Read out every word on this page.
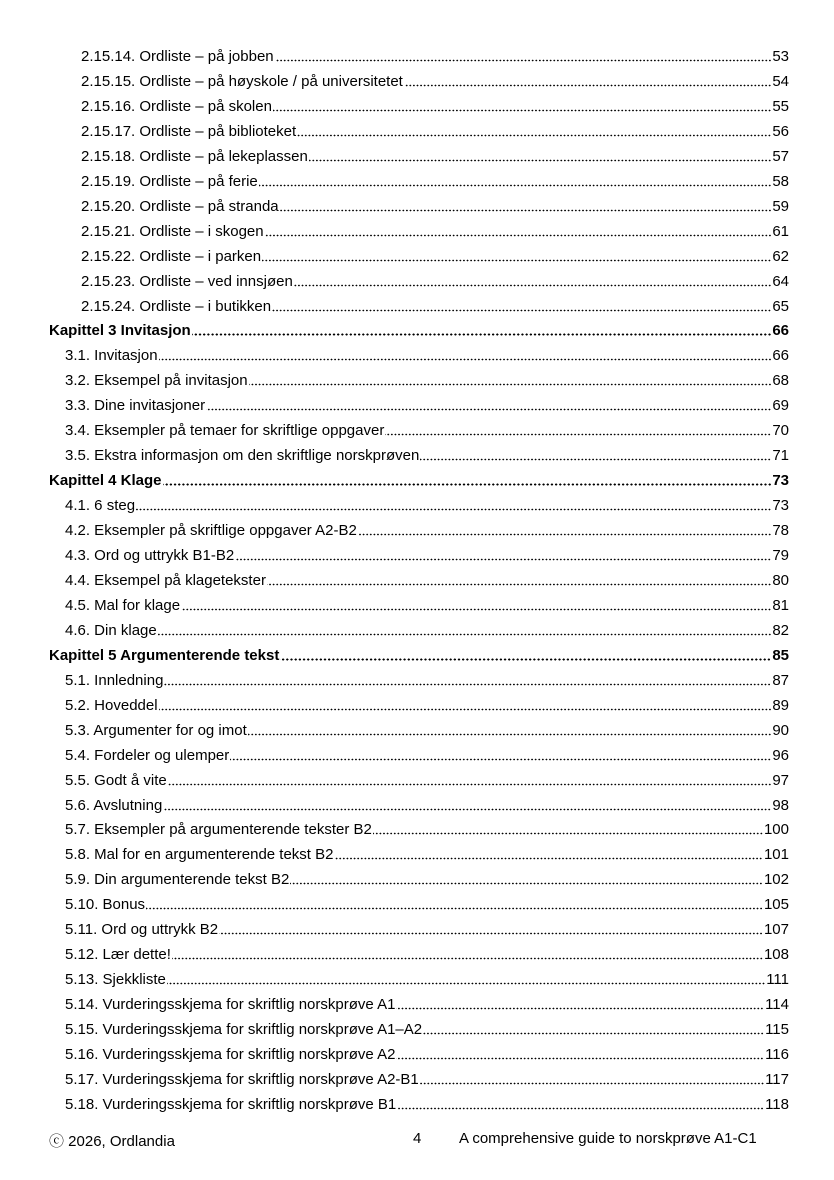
2.15.14. Ordliste – på jobben	53
2.15.15. Ordliste – på høyskole / på universitetet	54
2.15.16. Ordliste – på skolen	55
2.15.17. Ordliste – på biblioteket	56
2.15.18. Ordliste – på lekeplassen	57
2.15.19. Ordliste – på ferie	58
2.15.20. Ordliste – på stranda	59
2.15.21. Ordliste – i skogen	61
2.15.22. Ordliste – i parken	62
2.15.23. Ordliste – ved innsjøen	64
2.15.24. Ordliste – i butikken	65
Kapittel 3 Invitasjon	66
3.1. Invitasjon	66
3.2. Eksempel på invitasjon	68
3.3. Dine invitasjoner	69
3.4. Eksempler på temaer for skriftlige oppgaver	70
3.5. Ekstra informasjon om den skriftlige norskprøven	71
Kapittel 4 Klage	73
4.1. 6 steg	73
4.2. Eksempler på skriftlige oppgaver A2-B2	78
4.3. Ord og uttrykk B1-B2	79
4.4. Eksempel på klagetekster	80
4.5. Mal for klage	81
4.6. Din klage	82
Kapittel 5 Argumenterende tekst	85
5.1. Innledning	87
5.2. Hoveddel	89
5.3. Argumenter for og imot	90
5.4. Fordeler og ulemper	96
5.5. Godt å vite	97
5.6. Avslutning	98
5.7. Eksempler på argumenterende tekster B2	100
5.8. Mal for en argumenterende tekst B2	101
5.9. Din argumenterende tekst B2	102
5.10. Bonus	105
5.11. Ord og uttrykk B2	107
5.12. Lær dette!	108
5.13. Sjekkliste	111
5.14. Vurderingsskjema for skriftlig norskprøve A1	114
5.15. Vurderingsskjema for skriftlig norskprøve A1–A2	115
5.16. Vurderingsskjema for skriftlig norskprøve A2	116
5.17. Vurderingsskjema for skriftlig norskprøve A2-B1	117
5.18. Vurderingsskjema for skriftlig norskprøve B1	118
ⓒ 2026, Ordlandia	4	A comprehensive guide to norskprøve A1-C1
